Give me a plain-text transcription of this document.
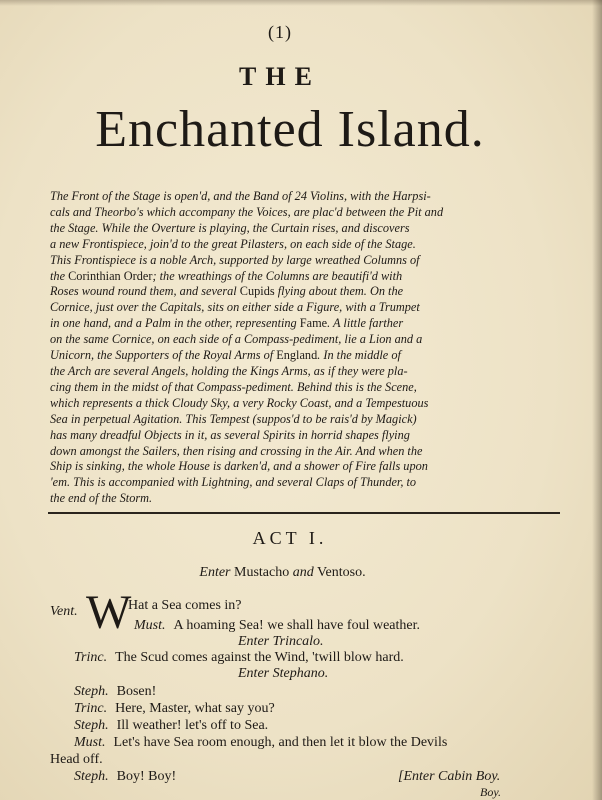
(1)
THE
Enchanted Island.
The Front of the Stage is open'd, and the Band of 24 Violins, with the Harpsi-
cals and Theorbo's which accompany the Voices, are plac'd between the Pit and
the Stage. While the Overture is playing, the Curtain rises, and discovers
a new Frontispiece, join'd to the great Pilasters, on each side of the Stage.
This Frontispiece is a noble Arch, supported by large wreathed Columns of
the Corinthian Order; the wreathings of the Columns are beautifi'd with
Roses wound round them, and several Cupids flying about them. On the
Cornice, just over the Capitals, sits on either side a Figure, with a Trumpet
in one hand, and a Palm in the other, representing Fame. A little farther
on the same Cornice, on each side of a Compass-pediment, lie a Lion and a
Unicorn, the Supporters of the Royal Arms of England. In the middle of
the Arch are several Angels, holding the Kings Arms, as if they were pla-
cing them in the midst of that Compass-pediment. Behind this is the Scene,
which represents a thick Cloudy Sky, a very Rocky Coast, and a Tempestuous
Sea in perpetual Agitation. This Tempest (suppos'd to be rais'd by Magick)
has many dreadful Objects in it, as several Spirits in horrid shapes flying
down amongst the Sailers, then rising and crossing in the Air. And when the
Ship is sinking, the whole House is darken'd, and a shower of Fire falls upon
'em. This is accompanied with Lightning, and several Claps of Thunder, to
the end of the Storm.
ACT I.
Enter Mustacho and Ventoso.
Vent. W
Hat a Sea comes in?
Must. A hoaming Sea! we shall have foul weather.
Enter Trincalo.
Trinc. The Scud comes against the Wind, 'twill blow hard.
Enter Stephano.
Steph. Bosen!
Trinc. Here, Master, what say you?
Steph. Ill weather! let's off to Sea.
Must. Let's have Sea room enough, and then let it blow the Devils
Head off.
Steph. Boy! Boy!	[Enter Cabin Boy.
Boy.
